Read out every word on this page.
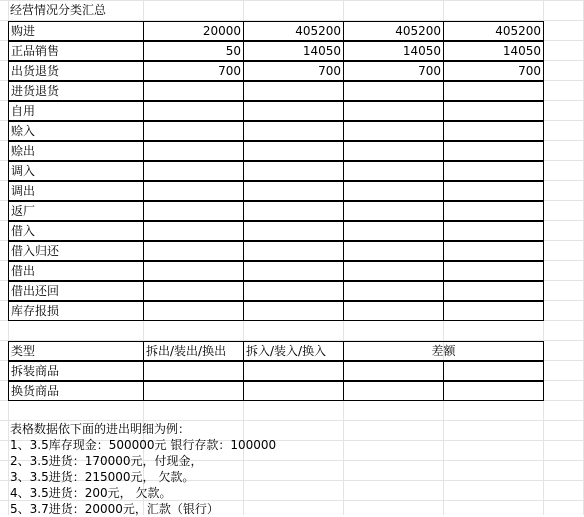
经营情况分类汇总
购进	20000	405200	405200	405200
正品销售	50	14050	14050	14050
出货退货	700	700	700	700
进货退货
自用
赊入
赊出
调入
调出
返厂
借入
借入归还
借出
借出还回
库存报损
类型	拆出/装出/换出	拆入/装入/换入	差额
拆装商品
换货商品
表格数据依下面的进出明细为例：
1、3.5库存现金：500000元 银行存款：100000
2、3.5进货：170000元，付现金，
3、3.5进货：215000元， 欠款。
4、3.5进货：200元， 欠款。
5、3.7进货：20000元，汇款（银行）
